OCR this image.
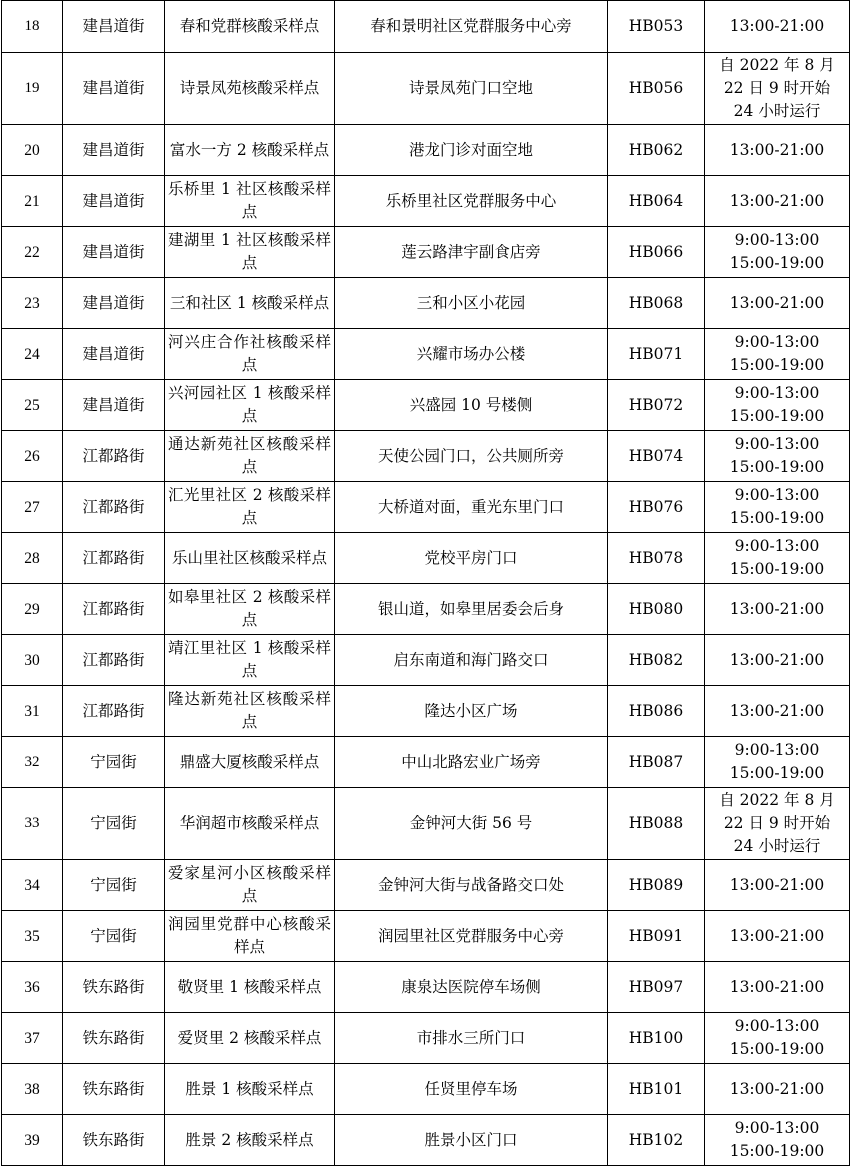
18	建昌道街	春和党群核酸采样点	春和景明社区党群服务中心旁	HB053	13:00-21:00

19	建昌道街	诗景凤苑核酸采样点	诗景凤苑门口空地	HB056	自 2022 年 8 月
22 日 9 时开始
24 小时运行

20	建昌道街	富水一方 2 核酸采样点	港龙门诊对面空地	HB062	13:00-21:00

21	建昌道街	乐桥里 1 社区核酸采样点	乐桥里社区党群服务中心	HB064	13:00-21:00

22	建昌道街	建湖里 1 社区核酸采样点	莲云路津宇副食店旁	HB066	9:00-13:00
15:00-19:00

23	建昌道街	三和社区 1 核酸采样点	三和小区小花园	HB068	13:00-21:00

24	建昌道街	河兴庄合作社核酸采样点	兴耀市场办公楼	HB071	9:00-13:00
15:00-19:00

25	建昌道街	兴河园社区 1 核酸采样点	兴盛园 10 号楼侧	HB072	9:00-13:00
15:00-19:00

26	江都路街	通达新苑社区核酸采样点	天使公园门口，公共厕所旁	HB074	9:00-13:00
15:00-19:00

27	江都路街	汇光里社区 2 核酸采样点	大桥道对面，重光东里门口	HB076	9:00-13:00
15:00-19:00

28	江都路街	乐山里社区核酸采样点	党校平房门口	HB078	9:00-13:00
15:00-19:00

29	江都路街	如皋里社区 2 核酸采样点	银山道，如皋里居委会后身	HB080	13:00-21:00

30	江都路街	靖江里社区 1 核酸采样点	启东南道和海门路交口	HB082	13:00-21:00

31	江都路街	隆达新苑社区核酸采样点	隆达小区广场	HB086	13:00-21:00

32	宁园街	鼎盛大厦核酸采样点	中山北路宏业广场旁	HB087	9:00-13:00
15:00-19:00

33	宁园街	华润超市核酸采样点	金钟河大街 56 号	HB088	自 2022 年 8 月
22 日 9 时开始
24 小时运行

34	宁园街	爱家星河小区核酸采样点	金钟河大街与战备路交口处	HB089	13:00-21:00

35	宁园街	润园里党群中心核酸采样点	润园里社区党群服务中心旁	HB091	13:00-21:00

36	铁东路街	敬贤里 1 核酸采样点	康泉达医院停车场侧	HB097	13:00-21:00

37	铁东路街	爱贤里 2 核酸采样点	市排水三所门口	HB100	9:00-13:00
15:00-19:00

38	铁东路街	胜景 1 核酸采样点	任贤里停车场	HB101	13:00-21:00

39	铁东路街	胜景 2 核酸采样点	胜景小区门口	HB102	9:00-13:00
15:00-19:00
